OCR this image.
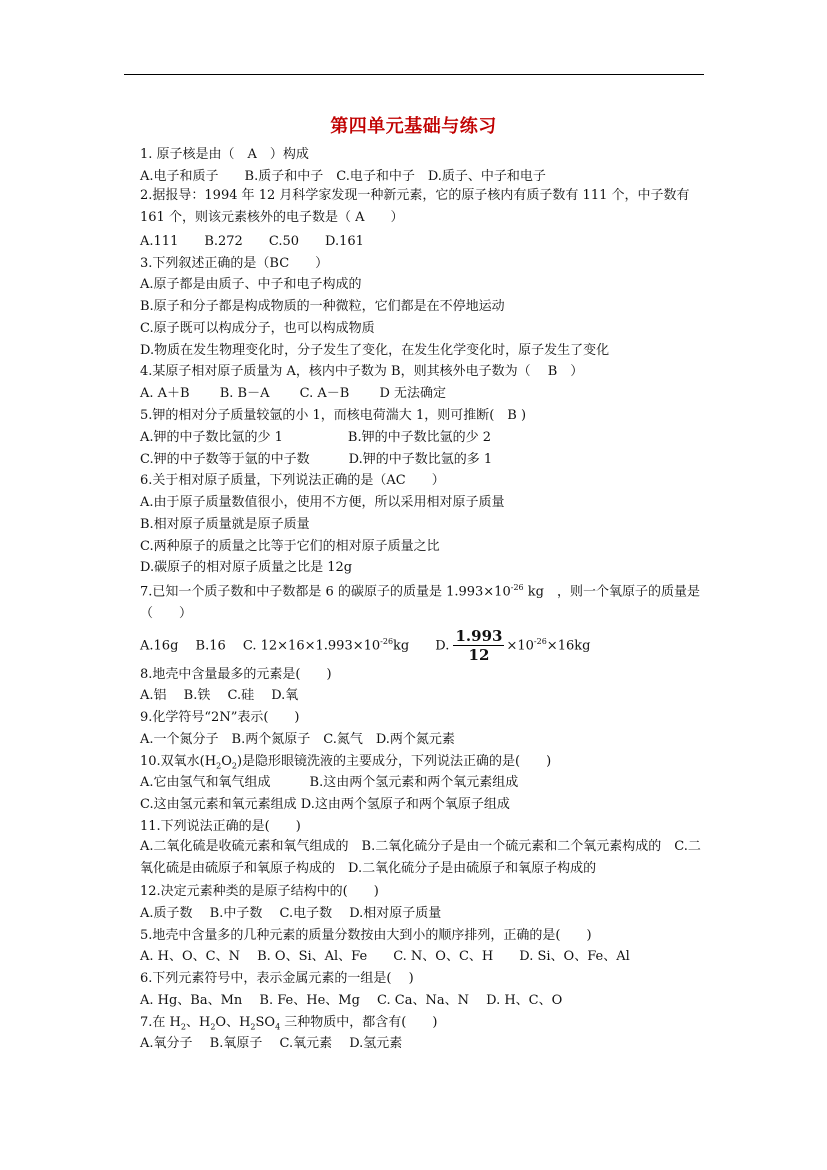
第四单元基础与练习
1. 原子核是由（　A　）构成
A.电子和质子　　B.质子和中子　C.电子和中子　D.质子、中子和电子
2.据报导：1994 年 12 月科学家发现一种新元素，它的原子核内有质子数有 111 个，中子数有 161 个，则该元素核外的电子数是（ A　　）
A.111　　B.272　　C.50　　D.161
3.下列叙述正确的是（BC　　）
A.原子都是由质子、中子和电子构成的
B.原子和分子都是构成物质的一种微粒，它们都是在不停地运动
C.原子既可以构成分子，也可以构成物质
D.物质在发生物理变化时，分子发生了变化，在发生化学变化时，原子发生了变化
4.某原子相对原子质量为 A，核内中子数为 B，则其核外电子数为（　 B　）
A. A＋B　　 B. B－A　　 C. A－B　　 D 无法确定
5.钾的相对分子质量较氩的小 1，而核电荷湍大 1，则可推断(　B )
A.钾的中子数比氩的少 1　　　　　B.钾的中子数比氩的少 2
C.钾的中子数等于氩的中子数　　　D.钾的中子数比氩的多 1
6.关于相对原子质量，下列说法正确的是（AC　　）
A.由于原子质量数值很小，使用不方便，所以采用相对原子质量
B.相对原子质量就是原子质量
C.两种原子的质量之比等于它们的相对原子质量之比
D.碳原子的相对原子质量之比是 12g
7.已知一个质子数和中子数都是 6 的碳原子的质量是 $1.993\times 10^{-26}$ kg　，则一个氧原子的质量是（　　）
A.16g　 B.16　 C. $12\times 16\times 1.993\times 10^{-26}kg$　　D. $\frac{1.993}{12} \times 10^{-26}\times 16kg$
8.地壳中含量最多的元素是(　　)
A.铝　 B.铁　 C.硅　 D.氧
9.化学符号“2N”表示(　　)
A.一个氮分子　B.两个氮原子　C.氮气　D.两个氮元素
10.双氧水$(H_2O_2)$是隐形眼镜洗液的主要成分，下列说法正确的是(　　)
A.它由氢气和氧气组成　　　B.这由两个氢元素和两个氧元素组成
C.这由氢元素和氧元素组成 D.这由两个氢原子和两个氧原子组成
11.下列说法正确的是(　　)
A.二氧化硫是收硫元素和氧气组成的　B.二氧化硫分子是由一个硫元素和二个氧元素构成的　C.二氧化硫是由硫原子和氧原子构成的　D.二氧化硫分子是由硫原子和氧原子构成的
12.决定元素种类的是原子结构中的(　　)
A.质子数　 B.中子数　 C.电子数　 D.相对原子质量
5.地壳中含量多的几种元素的质量分数按由大到小的顺序排列，正确的是(　　)
A. H、O、C、N　 B. O、Si、Al、Fe　　C. N、O、C、H　　D. Si、O、Fe、Al
6.下列元素符号中，表示金属元素的一组是(　 )
A. Hg、Ba、Mn　 B. Fe、He、Mg　 C. Ca、Na、N　 D. H、C、O
7.在 $H_2$、$H_2O$、$H_2SO_4$ 三种物质中，都含有(　　)
A.氧分子　 B.氧原子　 C.氧元素　 D.氢元素
